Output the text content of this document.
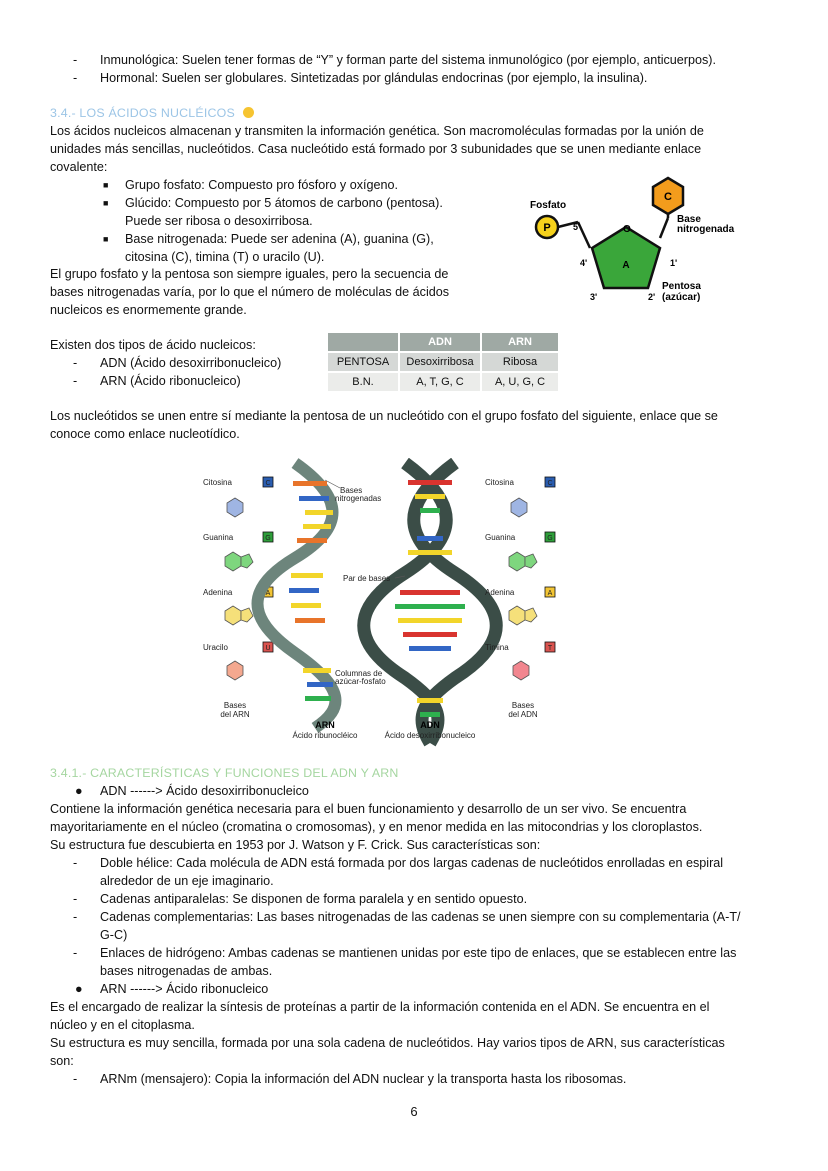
- Inmunológica: Suelen tener formas de “Y” y forman parte del sistema inmunológico (por ejemplo, anticuerpos).
- Hormonal: Suelen ser globulares. Sintetizadas por glándulas endocrinas (por ejemplo, la insulina).
3.4.- LOS ÁCIDOS NUCLÉICOS
Los ácidos nucleicos almacenan y transmiten la información genética. Son macromoléculas formadas por la unión de
unidades más sencillas, nucleótidos. Casa nucleótido está formado por 3 subunidades que se unen mediante enlace
covalente:
■ Grupo fosfato: Compuesto pro fósforo y oxígeno.
■ Glúcido: Compuesto por 5 átomos de carbono (pentosa).
Puede ser ribosa o desoxirribosa.
■ Base nitrogenada: Puede ser adenina (A), guanina (G),
citosina (C), timina (T) o uracilo (U).
El grupo fosfato y la pentosa son siempre iguales, pero la secuencia de
bases nitrogenadas varía, por lo que el número de moléculas de ácidos
nucleicos es enormemente grande.
P
C
A
O
Fosfato
Base
nitrogenada
Pentosa
(azúcar)
5'
4'
3'	2'
1'
Existen dos tipos de ácido nucleicos:
- ADN (Ácido desoxirribonucleico)
- ARN (Ácido ribonucleico)
	ADN	ARN
PENTOSA	Desoxirribosa	Ribosa
B.N.	A, T, G, C	A, U, G, C
Los nucleótidos se unen entre sí mediante la pentosa de un nucleótido con el grupo fosfato del siguiente, enlace que se
conoce como enlace nucleotídico.
Citosina	C
Guanina	G
Adenina	A
Uracilo	U
Bases
del ARN
Bases
nitrogenadas
Par de bases
Columnas de
azúcar-fosfato
Citosina	C
Guanina	G
Adenina	A
Timina	T
Bases
del ADN
ARN
Ácido ribunocléico
ADN
Ácido desoxirribonucleico
3.4.1.- CARACTERÍSTICAS Y FUNCIONES DEL ADN Y ARN
● ADN ------> Ácido desoxirribonucleico
Contiene la información genética necesaria para el buen funcionamiento y desarrollo de un ser vivo. Se encuentra
mayoritariamente en el núcleo (cromatina o cromosomas), y en menor medida en las mitocondrias y los cloroplastos.
Su estructura fue descubierta en 1953 por J. Watson y F. Crick. Sus características son:
- Doble hélice: Cada molécula de ADN está formada por dos largas cadenas de nucleótidos enrolladas en espiral
alrededor de un eje imaginario.
- Cadenas antiparalelas: Se disponen de forma paralela y en sentido opuesto.
- Cadenas complementarias: Las bases nitrogenadas de las cadenas se unen siempre con su complementaria (A-T/
G-C)
- Enlaces de hidrógeno: Ambas cadenas se mantienen unidas por este tipo de enlaces, que se establecen entre las
bases nitrogenadas de ambas.
● ARN ------> Ácido ribonucleico
Es el encargado de realizar la síntesis de proteínas a partir de la información contenida en el ADN. Se encuentra en el
núcleo y en el citoplasma.
Su estructura es muy sencilla, formada por una sola cadena de nucleótidos. Hay varios tipos de ARN, sus características
son:
- ARNm (mensajero): Copia la información del ADN nuclear y la transporta hasta los ribosomas.
6
